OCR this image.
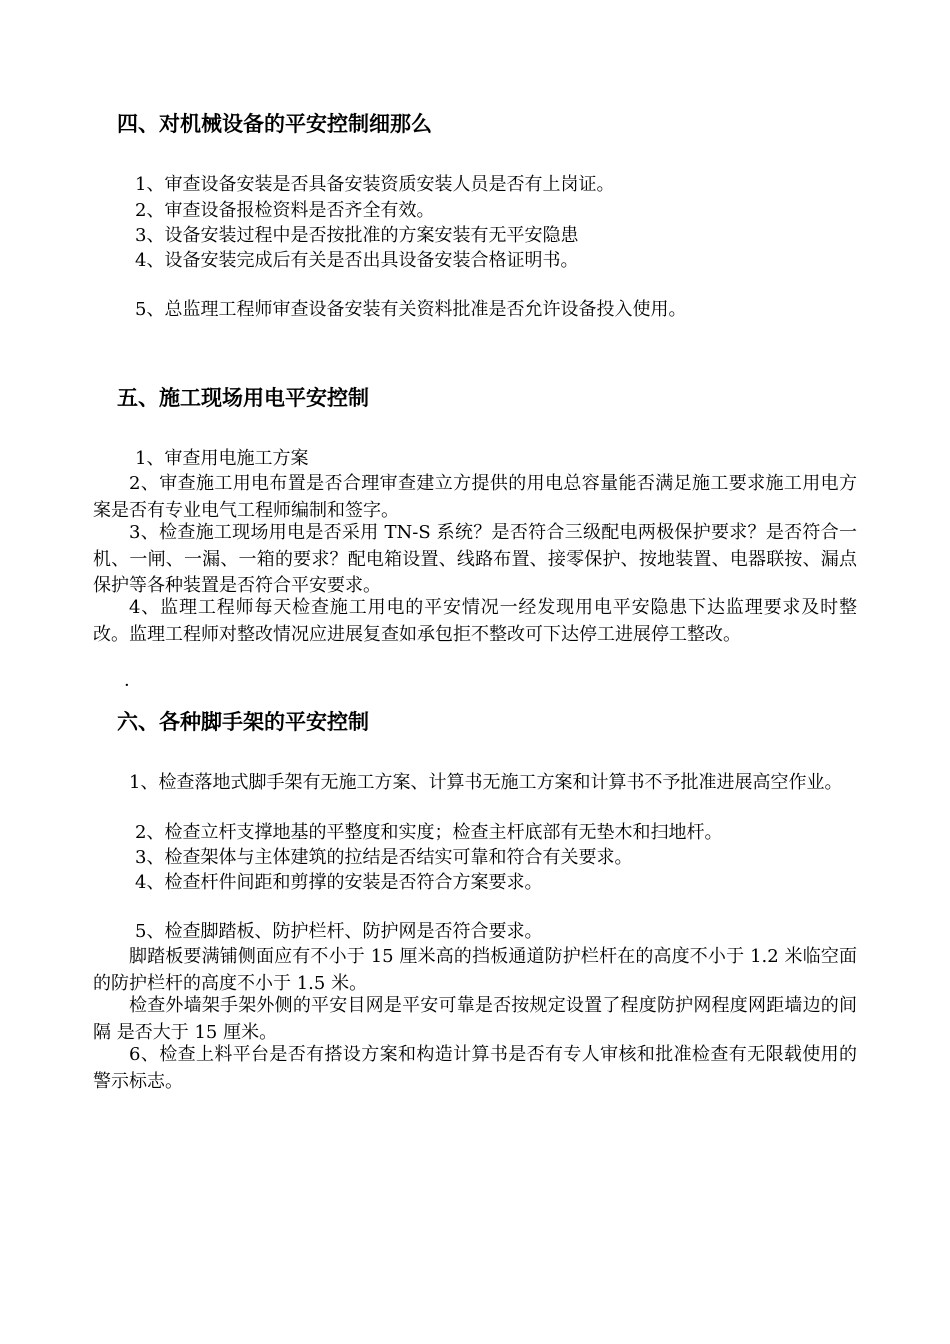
四、对机械设备的平安控制细那么

1、审查设备安装是否具备安装资质安装人员是否有上岗证。

2、审查设备报检资料是否齐全有效。

3、设备安装过程中是否按批准的方案安装有无平安隐患

4、设备安装完成后有关是否出具设备安装合格证明书。

5、总监理工程师审查设备安装有关资料批准是否允许设备投入使用。

五、施工现场用电平安控制

1、审查用电施工方案

2、审查施工用电布置是否合理审查建立方提供的用电总容量能否满足施工要求施工用电方案是否有专业电气工程师编制和签字。

3、检查施工现场用电是否采用 TN-S 系统？是否符合三级配电两极保护要求？是否符合一机、一闸、一漏、一箱的要求？配电箱设置、线路布置、接零保护、按地装置、电器联按、漏点保护等各种装置是否符合平安要求。

4、监理工程师每天检查施工用电的平安情况一经发现用电平安隐患下达监理要求及时整改。监理工程师对整改情况应进展复查如承包拒不整改可下达停工进展停工整改。

·

六、各种脚手架的平安控制

1、检查落地式脚手架有无施工方案、计算书无施工方案和计算书不予批准进展高空作业。

2、检查立杆支撑地基的平整度和实度；检查主杆底部有无垫木和扫地杆。

3、检查架体与主体建筑的拉结是否结实可靠和符合有关要求。

4、检查杆件间距和剪撑的安装是否符合方案要求。

5、检查脚踏板、防护栏杆、防护网是否符合要求。

脚踏板要满铺侧面应有不小于 15 厘米高的挡板通道防护栏杆在的高度不小于 1.2 米临空面的防护栏杆的高度不小于 1.5 米。

检查外墙架手架外侧的平安目网是平安可靠是否按规定设置了程度防护网程度网距墙边的间隔 是否大于 15 厘米。

6、检查上料平台是否有搭设方案和构造计算书是否有专人审核和批准检查有无限载使用的警示标志。
